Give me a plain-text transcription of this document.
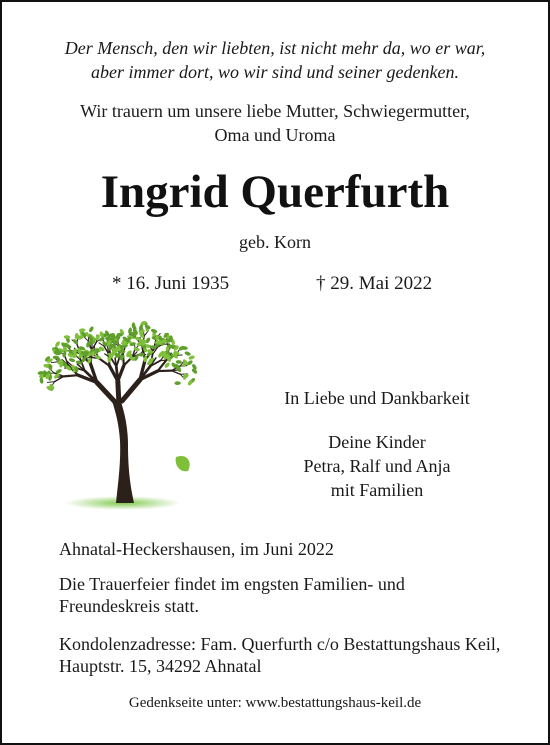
Der Mensch, den wir liebten, ist nicht mehr da, wo er war,
aber immer dort, wo wir sind und seiner gedenken.
Wir trauern um unsere liebe Mutter, Schwiegermutter,
Oma und Uroma
Ingrid Querfurth
geb. Korn
* 16. Juni 1935	† 29. Mai 2022
In Liebe und Dankbarkeit
Deine Kinder
Petra, Ralf und Anja
mit Familien
Ahnatal-Heckershausen, im Juni 2022
Die Trauerfeier findet im engsten Familien- und
Freundeskreis statt.
Kondolenzadresse: Fam. Querfurth c/o Bestattungshaus Keil,
Hauptstr. 15, 34292 Ahnatal
Gedenkseite unter: www.bestattungshaus-keil.de
